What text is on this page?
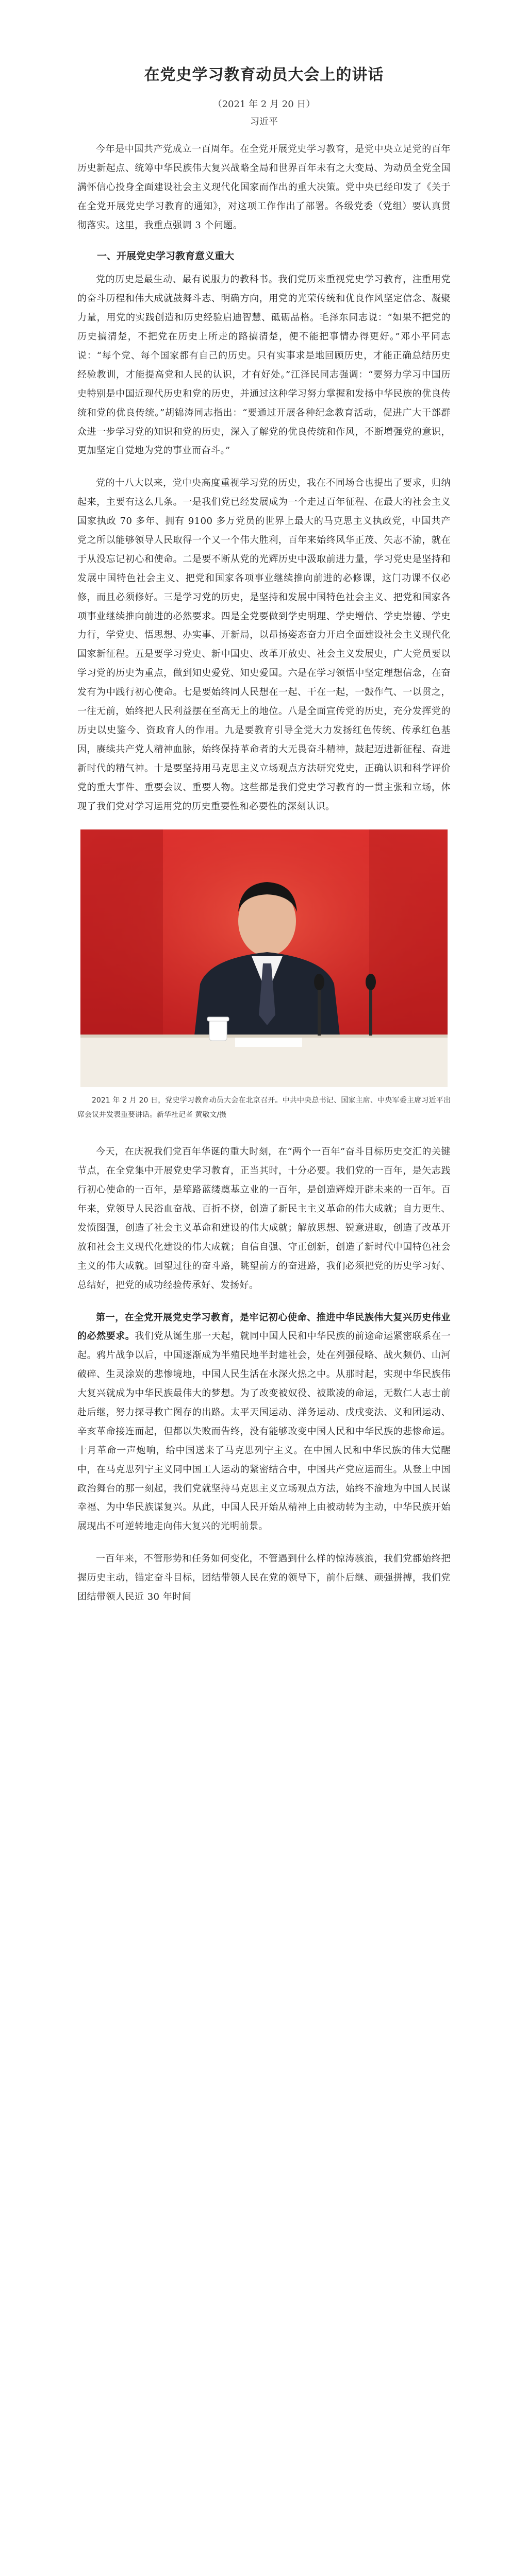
在党史学习教育动员大会上的讲话
（2021 年 2 月 20 日）
习近平

今年是中国共产党成立一百周年。在全党开展党史学习教育，是党中央立足党的百年历史新起点、统筹中华民族伟大复兴战略全局和世界百年未有之大变局、为动员全党全国满怀信心投身全面建设社会主义现代化国家而作出的重大决策。党中央已经印发了《关于在全党开展党史学习教育的通知》，对这项工作作出了部署。各级党委（党组）要认真贯彻落实。这里，我重点强调 3 个问题。

一、开展党史学习教育意义重大

党的历史是最生动、最有说服力的教科书。我们党历来重视党史学习教育，注重用党的奋斗历程和伟大成就鼓舞斗志、明确方向，用党的光荣传统和优良作风坚定信念、凝聚力量，用党的实践创造和历史经验启迪智慧、砥砺品格。毛泽东同志说：“如果不把党的历史搞清楚，不把党在历史上所走的路搞清楚，便不能把事情办得更好。”邓小平同志说：“每个党、每个国家都有自己的历史。只有实事求是地回顾历史，才能正确总结历史经验教训，才能提高党和人民的认识，才有好处。”江泽民同志强调：“要努力学习中国历史特别是中国近现代历史和党的历史，并通过这种学习努力掌握和发扬中华民族的优良传统和党的优良传统。”胡锦涛同志指出：“要通过开展各种纪念教育活动，促进广大干部群众进一步学习党的知识和党的历史，深入了解党的优良传统和作风，不断增强党的意识，更加坚定自觉地为党的事业而奋斗。”

党的十八大以来，党中央高度重视学习党的历史，我在不同场合也提出了要求，归纳起来，主要有这么几条。一是我们党已经发展成为一个走过百年征程、在最大的社会主义国家执政 70 多年、拥有 9100 多万党员的世界上最大的马克思主义执政党，中国共产党之所以能够领导人民取得一个又一个伟大胜利，百年来始终风华正茂、矢志不渝，就在于从没忘记初心和使命。二是要不断从党的光辉历史中汲取前进力量，学习党史是坚持和发展中国特色社会主义、把党和国家各项事业继续推向前进的必修课，这门功课不仅必修，而且必须修好。三是学习党的历史，是坚持和发展中国特色社会主义、把党和国家各项事业继续推向前进的必然要求。四是全党要做到学史明理、学史增信、学史崇德、学史力行，学党史、悟思想、办实事、开新局，以昂扬姿态奋力开启全面建设社会主义现代化国家新征程。五是要学习党史、新中国史、改革开放史、社会主义发展史，广大党员要以学习党的历史为重点，做到知史爱党、知史爱国。六是在学习领悟中坚定理想信念，在奋发有为中践行初心使命。七是要始终同人民想在一起、干在一起，一鼓作气、一以贯之，一往无前，始终把人民利益摆在至高无上的地位。八是全面宣传党的历史，充分发挥党的历史以史鉴今、资政育人的作用。九是要教育引导全党大力发扬红色传统、传承红色基因，赓续共产党人精神血脉，始终保持革命者的大无畏奋斗精神，鼓起迈进新征程、奋进新时代的精气神。十是要坚持用马克思主义立场观点方法研究党史，正确认识和科学评价党的重大事件、重要会议、重要人物。这些都是我们党史学习教育的一贯主张和立场，体现了我们党对学习运用党的历史重要性和必要性的深刻认识。

2021 年 2 月 20 日，党史学习教育动员大会在北京召开。中共中央总书记、国家主席、中央军委主席习近平出席会议并发表重要讲话。新华社记者 黄敬文/摄

今天，在庆祝我们党百年华诞的重大时刻，在“两个一百年”奋斗目标历史交汇的关键节点，在全党集中开展党史学习教育，正当其时，十分必要。我们党的一百年，是矢志践行初心使命的一百年，是筚路蓝缕奠基立业的一百年，是创造辉煌开辟未来的一百年。百年来，党领导人民浴血奋战、百折不挠，创造了新民主主义革命的伟大成就；自力更生、发愤图强，创造了社会主义革命和建设的伟大成就；解放思想、锐意进取，创造了改革开放和社会主义现代化建设的伟大成就；自信自强、守正创新，创造了新时代中国特色社会主义的伟大成就。回望过往的奋斗路，眺望前方的奋进路，我们必须把党的历史学习好、总结好，把党的成功经验传承好、发扬好。

第一，在全党开展党史学习教育，是牢记初心使命、推进中华民族伟大复兴历史伟业的必然要求。我们党从诞生那一天起，就同中国人民和中华民族的前途命运紧密联系在一起。鸦片战争以后，中国逐渐成为半殖民地半封建社会，处在列强侵略、战火频仍、山河破碎、生灵涂炭的悲惨境地，中国人民生活在水深火热之中。从那时起，实现中华民族伟大复兴就成为中华民族最伟大的梦想。为了改变被奴役、被欺凌的命运，无数仁人志士前赴后继，努力探寻救亡图存的出路。太平天国运动、洋务运动、戊戌变法、义和团运动、辛亥革命接连而起，但都以失败而告终，没有能够改变中国人民和中华民族的悲惨命运。十月革命一声炮响，给中国送来了马克思列宁主义。在中国人民和中华民族的伟大觉醒中，在马克思列宁主义同中国工人运动的紧密结合中，中国共产党应运而生。从登上中国政治舞台的那一刻起，我们党就坚持马克思主义立场观点方法，始终不渝地为中国人民谋幸福、为中华民族谋复兴。从此，中国人民开始从精神上由被动转为主动，中华民族开始展现出不可逆转地走向伟大复兴的光明前景。

一百年来，不管形势和任务如何变化，不管遇到什么样的惊涛骇浪，我们党都始终把握历史主动，锚定奋斗目标，团结带领人民在党的领导下，前仆后继、顽强拼搏，我们党团结带领人民近 30 年时间
